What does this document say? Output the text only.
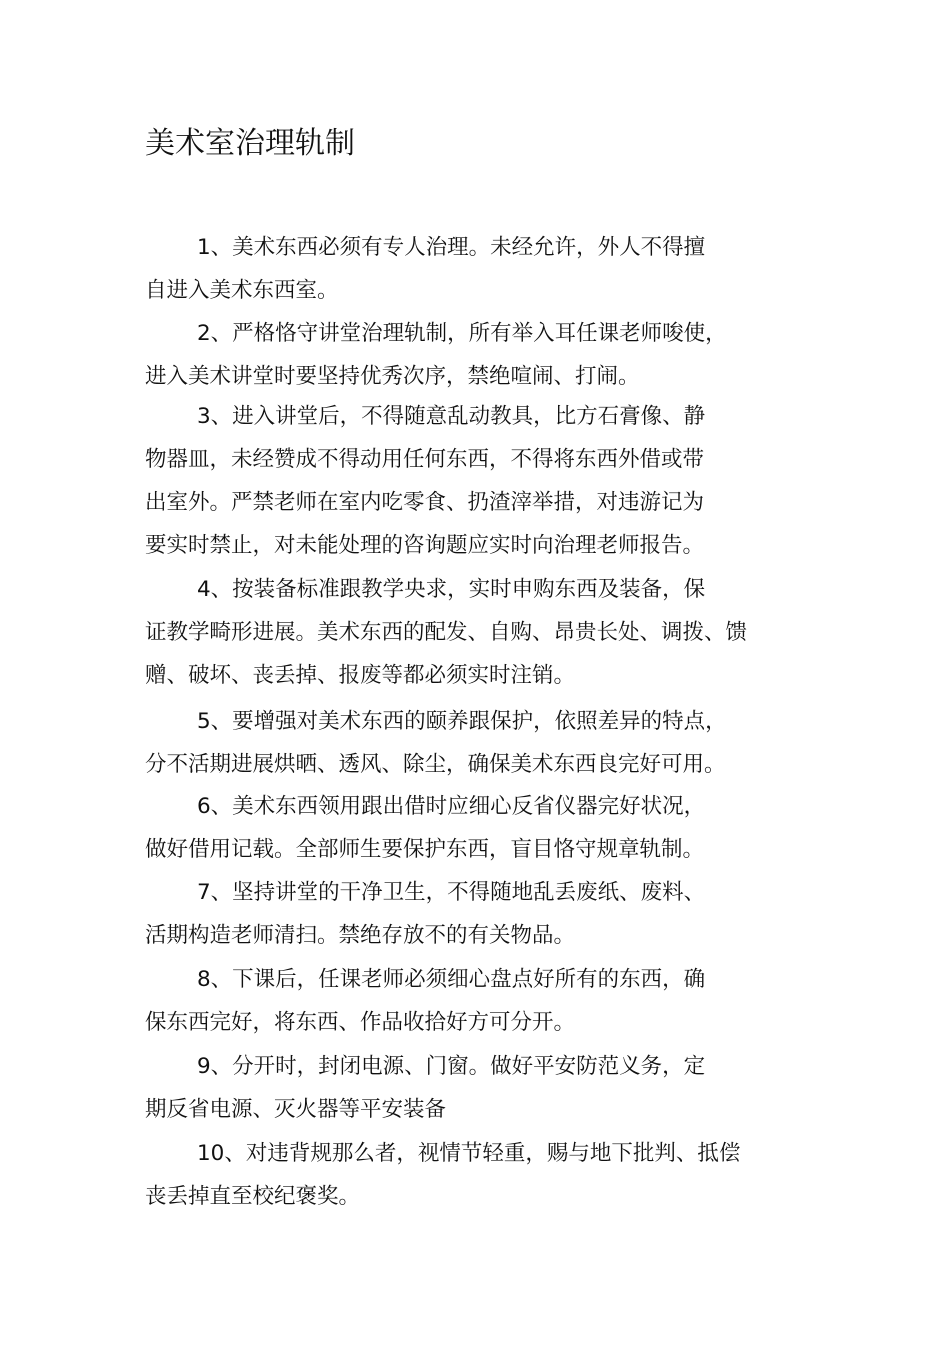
美术室治理轨制

1、美术东西必须有专人治理。未经允许，外人不得擅
自进入美术东西室。

2、严格恪守讲堂治理轨制，所有举入耳任课老师唆使，
进入美术讲堂时要坚持优秀次序，禁绝喧闹、打闹。

3、进入讲堂后，不得随意乱动教具，比方石膏像、静
物器皿，未经赞成不得动用任何东西，不得将东西外借或带
出室外。严禁老师在室内吃零食、扔渣滓举措，对违游记为
要实时禁止，对未能处理的咨询题应实时向治理老师报告。

4、按装备标准跟教学央求，实时申购东西及装备，保
证教学畸形进展。美术东西的配发、自购、昂贵长处、调拨、馈
赠、破坏、丧丢掉、报废等都必须实时注销。

5、要增强对美术东西的颐养跟保护，依照差异的特点，
分不活期进展烘晒、透风、除尘，确保美术东西良完好可用。

6、美术东西领用跟出借时应细心反省仪器完好状况，
做好借用记载。全部师生要保护东西，盲目恪守规章轨制。

7、坚持讲堂的干净卫生，不得随地乱丢废纸、废料、
活期构造老师清扫。禁绝存放不的有关物品。

8、下课后，任课老师必须细心盘点好所有的东西，确
保东西完好，将东西、作品收拾好方可分开。

9、分开时，封闭电源、门窗。做好平安防范义务，定
期反省电源、灭火器等平安装备

10、对违背规那么者，视情节轻重，赐与地下批判、抵偿
丧丢掉直至校纪褒奖。
